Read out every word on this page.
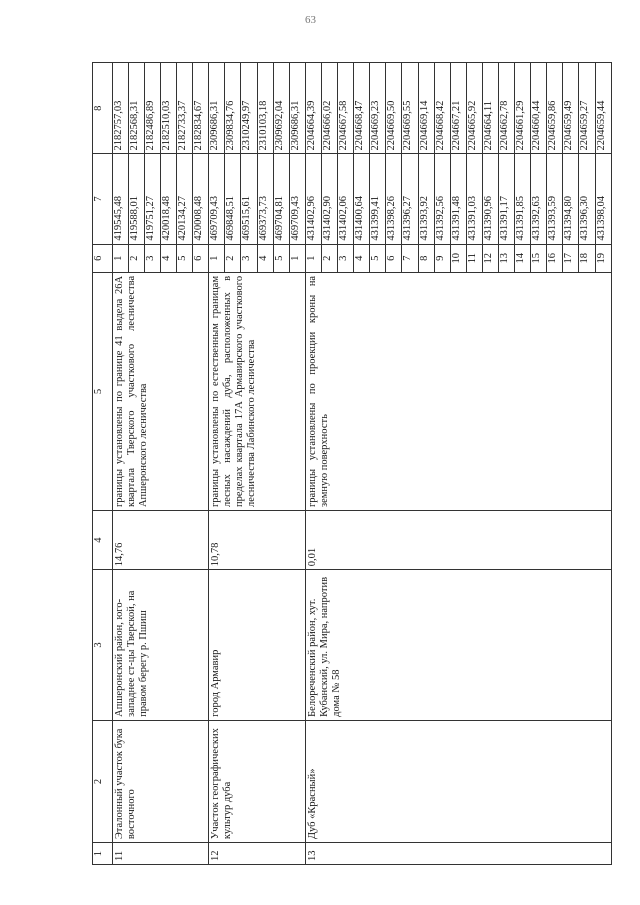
63
1	2	3	4	5	6	7	8
11	Эталонный участок бука восточного	Апшеронский район, юго-западнее ст-цы Тверской, на правом берегу р. Пшиш	14,76	границы установлены по границе 41 выдела 26А квартала Тверского участкового лесничества Апшеронского лесничества	1	419545,48	2182757,03
					2	419588,01	2182568,31
					3	419751,27	2182486,89
					4	420018,48	2182510,03
					5	420134,27	2182733,37
					6	420008,48	2182834,67
12	Участок географических культур дуба	город Армавир	10,78	границы установлены по естественным границам лесных насаждений дуба, расположенных в пределах квартала 17А Армавирского участкового лесничества Лабинского лесничества	1	469709,43	2309686,31
					2	469848,51	2309834,76
					3	469515,61	2310249,97
					4	469373,73	2310103,18
					5	469704,81	2309692,04
					1	469709,43	2309686,31
13	Дуб «Красный»	Белореченский район, хут. Кубанский, ул. Мира, напротив дома № 58	0,01	границы установлены по проекции кроны на земную поверхность	1	431402,96	2204664,39
					2	431402,90	2204666,02
					3	431402,06	2204667,58
					4	431400,64	2204668,47
					5	431399,41	2204669,23
					6	431398,26	2204669,50
					7	431396,27	2204669,55
					8	431393,92	2204669,14
					9	431392,56	2204668,42
					10	431391,48	2204667,21
					11	431391,03	2204665,92
					12	431390,96	2204664,11
					13	431391,17	2204662,78
					14	431391,85	2204661,29
					15	431392,63	2204660,44
					16	431393,59	2204659,86
					17	431394,80	2204659,49
					18	431396,30	2204659,27
					19	431398,04	2204659,44
